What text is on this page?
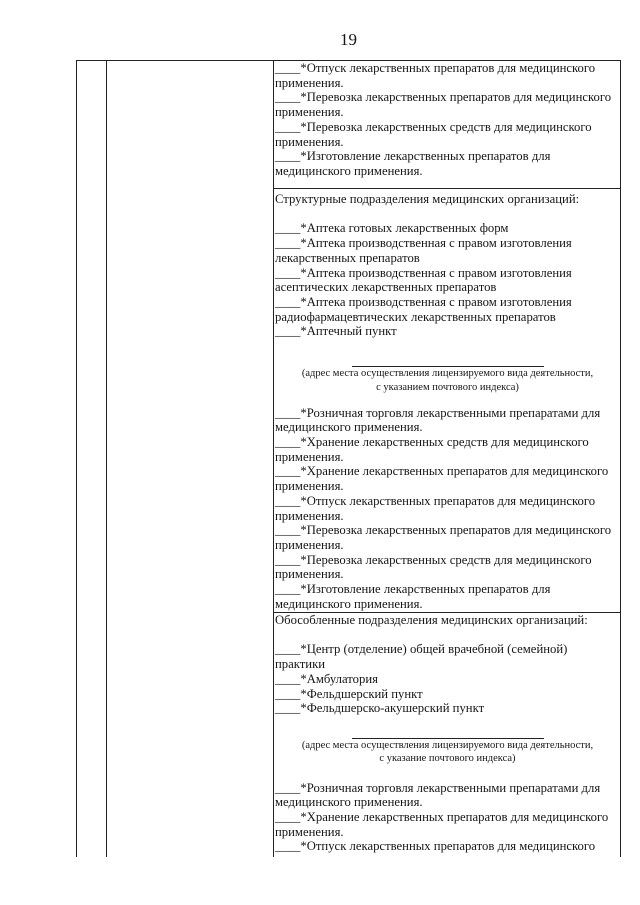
19
____*Отпуск лекарственных препаратов для медицинского
применения.
____*Перевозка лекарственных препаратов для медицинского
применения.
____*Перевозка лекарственных средств для медицинского
применения.
____*Изготовление лекарственных препаратов для
медицинского применения.
Структурные подразделения медицинских организаций:
____*Аптека готовых лекарственных форм
____*Аптека производственная с правом изготовления
лекарственных препаратов
____*Аптека производственная с правом изготовления
асептических лекарственных препаратов
____*Аптека производственная с правом изготовления
радиофармацевтических лекарственных препаратов
____*Аптечный пункт
(адрес места осуществления лицензируемого вида деятельности,
с указанием почтового индекса)
____*Розничная торговля лекарственными препаратами для
медицинского применения.
____*Хранение лекарственных средств для медицинского
применения.
____*Хранение лекарственных препаратов для медицинского
применения.
____*Отпуск лекарственных препаратов для медицинского
применения.
____*Перевозка лекарственных препаратов для медицинского
применения.
____*Перевозка лекарственных средств для медицинского
применения.
____*Изготовление лекарственных препаратов для
медицинского применения.
Обособленные подразделения медицинских организаций:
____*Центр (отделение) общей врачебной (семейной)
практики
____*Амбулатория
____*Фельдшерский пункт
____*Фельдшерско-акушерский пункт
(адрес места осуществления лицензируемого вида деятельности,
с указание почтового индекса)
____*Розничная торговля лекарственными препаратами для
медицинского применения.
____*Хранение лекарственных препаратов для медицинского
применения.
____*Отпуск лекарственных препаратов для медицинского
